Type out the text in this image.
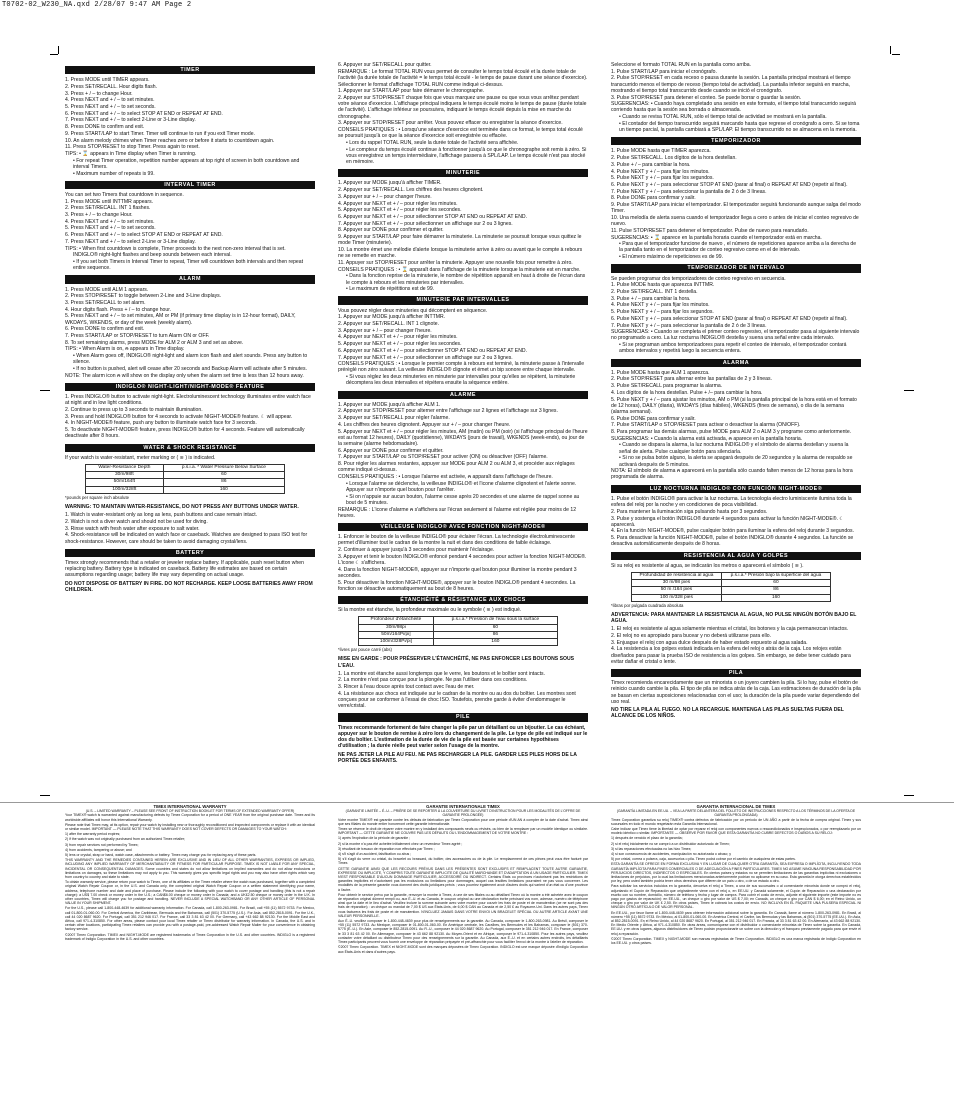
T0702-02_W230_NA.qxd 2/28/07 9:47 AM Page 2
TIMER
1. Press MODE until TIMER appears.
2. Press SET/RECALL. Hour digits flash.
3. Press + / – to change Hour.
4. Press NEXT and + / – to set minutes.
5. Press NEXT and + / – to set seconds.
6. Press NEXT and + / – to select STOP AT END or REPEAT AT END.
7. Press NEXT and + / – to select 2-Line or 3-Line display.
8. Press DONE to confirm and exit.
9. Press START/LAP to start Timer. Timer will continue to run if you exit Timer mode.
10. An alarm melody chimes when Timer reaches zero or before it starts to countdown again.
11. Press STOP/RESET to stop Timer. Press again to reset.
TIPS: • ⌛ appears in Time display when Timer is running.
• For repeat Timer operation, repetition number appears at top right of screen in both countdown and interval Timers.
• Maximum number of repeats is 99.
INTERVAL TIMER
You can set two Timers that countdown in sequence.
1. Press MODE until INTTMR appears.
2. Press SET/RECALL. INT 1 flashes.
3. Press + / – to change Hour.
4. Press NEXT and + / – to set minutes.
5. Press NEXT and + / – to set seconds.
6. Press NEXT and + / – to select STOP AT END or REPEAT AT END.
7. Press NEXT and + / – to select 2-Line or 3-Line display.
TIPS: • When first countdown is complete, Timer proceeds to the next non-zero interval that is set.
INDIGLO® night-light flashes and beep sounds between each interval.
• If you set both Timers in Interval Timer to repeat, Timer will countdown both intervals and then repeat entire sequence.
ALARM
1. Press MODE until ALM 1 appears.
2. Press STOP/RESET to toggle between 2-Line and 3-Line displays.
3. Press SET/RECALL to set alarm.
4. Hour digits flash. Press + / – to change hour.
5. Press NEXT and + / – to set minutes, AM or PM (if primary time display is in 12-hour format), DAILY, WKDAYS, WKENDS, or day of the week (weekly alarm).
6. Press DONE to confirm and exit.
7. Press START/LAP or STOP/RESET to turn Alarm ON or OFF.
8. To set remaining alarms, press MODE for ALM 2 or ALM 3 and set as above.
TIPS: • When Alarm is on, ⍾ appears in Time display.
• When Alarm goes off, INDIGLO® night-light and alarm icon flash and alert sounds. Press any button to silence.
• If no button is pushed, alert will cease after 20 seconds and Backup Alarm will activate after 5 minutes.
NOTE: The alarm icon ⍾ will show on the display only when the alarm set time is less than 12 hours away.
INDIGLO® NIGHT-LIGHT/NIGHT-MODE® FEATURE
1. Press INDIGLO® button to activate night-light. Electroluminescent technology illuminates entire watch face at night and in low light conditions.
2. Continue to press up to 3 seconds to maintain illumination.
3. Press and hold INDIGLO® button for 4 seconds to activate NIGHT-MODE® feature. ☾ will appear.
4. In NIGHT-MODE® feature, push any button to illuminate watch face for 3 seconds.
5. To deactivate NIGHT-MODE® feature, press INDIGLO® button for 4 seconds. Feature will automatically deactivate after 8 hours.
WATER & SHOCK RESISTANCE
If your watch is water-resistant, meter marking or ( ≋ ) is indicated.
Water-Resistance Depth	p.s.i.a. * Water Pressure Below Surface
30m/98ft	60
50m/164ft	86
100m/328ft	160
*pounds per square inch absolute
WARNING: TO MAINTAIN WATER-RESISTANCE, DO NOT PRESS ANY BUTTONS UNDER WATER.
1. Watch is water-resistant only as long as lens, push buttons and case remain intact.
2. Watch is not a diver watch and should not be used for diving.
3. Rinse watch with fresh water after exposure to salt water.
4. Shock-resistance will be indicated on watch face or caseback. Watches are designed to pass ISO test for shock-resistance. However, care should be taken to avoid damaging crystal/lens.
BATTERY
Timex strongly recommends that a retailer or jeweler replace battery. If applicable, push reset button when replacing battery. Battery type is indicated on caseback. Battery life estimates are based on certain assumptions regarding usage; battery life may vary depending on actual usage.
DO NOT DISPOSE OF BATTERY IN FIRE. DO NOT RECHARGE. KEEP LOOSE BATTERIES AWAY FROM CHILDREN.
6. Appuyer sur SET/RECALL pour quitter.
REMARQUE : Le format TOTAL RUN vous permet de consulter le temps total écoulé et la durée totale de l'activité (la durée totale de l'activité = le temps total écoulé - le temps de pause durant une séance d'exercice).
Sélectionner le format d'affichage TOTAL RUN comme indiqué ci-dessus.
1. Appuyer sur START/LAP pour faire démarrer le chronographe.
2. Appuyer sur STOP/RESET chaque fois que vous marquez une pause ou que vous vous arrêtez pendant votre séance d'exercice. L'affichage principal indiquera le temps écoulé moins le temps de pause (durée totale de l'activité). L'affichage inférieur se poursuivra, indiquant le temps écoulé depuis la mise en marche du chronographe.
3. Appuyer sur STOP/RESET pour arrêter. Vous pouvez effacer ou enregistrer la séance d'exercice.
CONSEILS PRATIQUES : • Lorsqu'une séance d'exercice est terminée dans ce format, le temps total écoulé se poursuit jusqu'à ce que la séance d'exercice soit enregistrée ou effacée.
• Lors du rappel TOTAL RUN, seule la durée totale de l'activité sera affichée.
• Le compteur du temps écoulé continue à fonctionner jusqu'à ce que le chronographe soit remis à zéro. Si vous enregistrez un temps intermédiaire, l'affichage passera à SPL/LAP. Le temps écoulé n'est pas stocké en mémoire.
MINUTERIE
1. Appuyer sur MODE jusqu'à afficher TIMER.
2. Appuyer sur SET/RECALL. Les chiffres des heures clignotent.
3. Appuyer sur + / – pour changer l'heure.
4. Appuyer sur NEXT et + / – pour régler les minutes.
5. Appuyer sur NEXT et + / – pour régler les secondes.
6. Appuyer sur NEXT et + / – pour sélectionner STOP AT END ou REPEAT AT END.
7. Appuyer sur NEXT et + / – pour sélectionner un affichage sur 2 ou 3 lignes.
8. Appuyer sur DONE pour confirmer et quitter.
9. Appuyer sur START/LAP pour faire démarrer la minuterie. La minuterie se poursuit lorsque vous quittez le mode Timer (minuterie).
10. La montre émet une mélodie d'alerte lorsque la minuterie arrive à zéro ou avant que le compte à rebours ne se remette en marche.
11. Appuyer sur STOP/RESET pour arrêter la minuterie. Appuyer une nouvelle fois pour remettre à zéro.
CONSEILS PRATIQUES : • ⌛ apparaît dans l'affichage de la minuterie lorsque la minuterie est en marche.
• Dans la fonction reprise de la minuterie, le nombre de répétition apparaît en haut à droite de l'écran dans le compte à rebours et les minuteries par intervalles.
• Le maximum de répétitions est de 99.
MINUTERIE PAR INTERVALLES
Vous pouvez régler deux minuteries qui décomptent en séquence.
1. Appuyer sur MODE jusqu'à afficher INTTMR.
2. Appuyer sur SET/RECALL. INT 1 clignote.
3. Appuyer sur + / – pour changer l'heure.
4. Appuyer sur NEXT et + / – pour régler les minutes.
5. Appuyer sur NEXT et + / – pour régler les secondes.
6. Appuyer sur NEXT et + / – pour sélectionner STOP AT END ou REPEAT AT END.
7. Appuyer sur NEXT et + / – pour sélectionner un affichage sur 2 ou 3 lignes.
CONSEILS PRATIQUES : • Lorsque le premier compte à rebours est terminé, la minuterie passe à l'intervalle prérèglé non zéro suivant. La veilleuse INDIGLO® clignote et émet un bip sonore entre chaque intervalle.
• Si vous réglez les deux minuteries en minuterie par intervalles pour qu'elles se répètent, la minuterie décomptera les deux intervalles et répétera ensuite la séquence entière.
ALARME
1. Appuyer sur MODE jusqu'à afficher ALM 1.
2. Appuyer sur STOP/RESET pour alterner entre l'affichage sur 2 lignes et l'affichage sur 3 lignes.
3. Appuyer sur SET/RECALL pour régler l'alarme.
4. Les chiffres des heures clignotent. Appuyer sur + / – pour changer l'heure.
5. Appuyer sur NEXT et + / – pour régler les minutes, AM (matin) ou PM (soir) (si l'affichage principal de l'heure est au format 12 heures), DAILY (quotidienne), WKDAYS (jours de travail), WKENDS (week-ends), ou jour de la semaine (alarme hebdomadaire).
6. Appuyer sur DONE pour confirmer et quitter.
7. Appuyer sur START/LAP ou STOP/RESET pour activer (ON) ou désactiver (OFF) l'alarme.
8. Pour régler les alarmes restantes, appuyer sur MODE pour ALM 2 ou ALM 3, et procéder aux réglages comme indiqué ci-dessus.
CONSEILS PRATIQUES : • Lorsque l'alarme est activée, ⍾ apparaît dans l'affichage de l'heure.
• Lorsque l'alarme se déclenche, la veilleuse INDIGLO® et l'icone d'alarme clignotent et l'alerte sonne. Appuyer sur n'importe quel bouton pour l'arrêter.
• Si on n'appuie sur aucun bouton, l'alarme cesse après 20 secondes et une alarme de rappel sonne au bout de 5 minutes.
REMARQUE : L'icone d'alarme ⍾ s'affichera sur l'écran seulement si l'alarme est réglée pour moins de 12 heures.
VEILLEUSE INDIGLO® AVEC FONCTION NIGHT-MODE®
1. Enfoncer le bouton de la veilleuse INDIGLO® pour éclairer l'écran. La technologie électroluminescente permet d'illuminer tout le cadran de la montre la nuit et dans des conditions de faible éclairage.
2. Continuer à appuyer jusqu'à 3 secondes pour maintenir l'éclairage.
3. Appuyer et tenir le bouton INDIGLO® enfoncé pendant 4 secondes pour activer la fonction NIGHT-MODE®. L'icone ☾ s'affichera.
4. Dans la fonction NIGHT-MODE®, appuyer sur n'importe quel bouton pour illuminer la montre pendant 3 secondes.
5. Pour désactiver la fonction NIGHT-MODE®, appuyer sur le bouton INDIGLO® pendant 4 secondes. La fonction se désactive automatiquement au bout de 8 heures.
ÉTANCHÉITÉ & RÉSISTANCE AUX CHOCS
Si la montre est étanche, la profondeur maximale ou le symbole ( ≋ ) est indiqué.
Profondeur d'étanchéité	p.s.i.a.* Pression de l'eau sous la surface
30m/98pi	60
50m/164Pi/pi]	86
100m/328Pi/pi]	160
*livres par pouce carré (abs)
MISE EN GARDE : POUR PRÉSERVER L'ÉTANCHÉITÉ, NE PAS ENFONCER LES BOUTONS SOUS L'EAU.
1. La montre est étanche aussi longtemps que le verre, les boutons et le boîtier sont intacts.
2. La montre n'est pas conçue pour la plongée. Ne pas l'utiliser dans ces conditions.
3. Rincer à l'eau douce après tout contact avec l'eau de mer.
4. La résistance aux chocs est indiquée sur le cadran de la montre ou au dos du boîtier. Les montres sont conçues pour se conformer à l'essai de choc ISO. Toutefois, prendre garde à éviter d'endommager le verre/cristal.
PILE
Timex recommande fortement de faire changer la pile par un détaillant ou un bijoutier. Le cas échéant, appuyer sur le bouton de remise à zéro lors du changement de la pile. Le type de pile est indiqué sur le dos du boîtier. L'estimation de la durée de vie de la pile est basée sur certaines hypothèses d'utilisation ; la durée réelle peut varier selon l'usage de la montre.
NE PAS JETER LA PILE AU FEU. NE PAS RECHARGER LA PILE. GARDER LES PILES HORS DE LA PORTÉE DES ENFANTS.
Seleccione el formato TOTAL RUN en la pantalla como arriba.
1. Pulse START/LAP para iniciar el cronógrafo.
2. Pulse STOP/RESET en cada receso o pausa durante la sesión. La pantalla principal mostrará el tiempo transcurrido menos el tiempo de receso (tiempo total de actividad). La pantalla inferior seguirá en marcha, mostrando el tiempo total transcurrido desde cuando se inició el cronógrafo.
3. Pulse STOP/RESET para detener el conteo. Se puede borrar o guardar la sesión.
SUGERENCIAS: • Cuando haya completado una sesión en este formato, el tiempo total transcurrido seguirá corriendo hasta que la sesión sea borrada o almacenada.
• Cuando se revisa TOTAL RUN, sólo el tiempo total de actividad se mostrará en la pantalla.
• El contador del tiempo transcurrido seguirá marcando hasta que regrese el cronógrafo a cero. Si se toma un tiempo parcial, la pantalla cambiará a SPL/LAP. El tiempo transcurrido no se almacena en la memoria.
TEMPORIZADOR
1. Pulse MODE hasta que TIMER aparezca.
2. Pulse SET/RECALL. Los dígitos de la hora destellan.
3. Pulse + / – para cambiar la hora.
4. Pulse NEXT y + / – para fijar los minutos.
5. Pulse NEXT y + / – para fijar los segundos.
6. Pulse NEXT y + / – para seleccionar STOP AT END (parar al final) o REPEAT AT END (repetir al final).
7. Pulse NEXT y + / – para seleccionar la pantalla de 2 ó de 3 líneas.
8. Pulse DONE para confirmar y salir.
9. Pulse START/LAP para iniciar el temporizador. El temporizador seguirá funcionando aunque salga del modo Timer.
10. Una melodía de alerta suena cuando el temporizador llega a cero o antes de iniciar el conteo regresivo de nuevo.
11. Pulse STOP/RESET para detener el temporizador. Pulse de nuevo para reanudarlo.
SUGERENCIAS: • ⌛ aparece en la pantalla horaria cuando el temporizador está en marcha.
• Para que el temporizador funcione de nuevo , el número de repeticiones aparece arriba a la derecha de la pantalla tanto en el temporizador de conteo regresivo como en el de intervalo.
• El número máximo de repeticiones es de 99.
TEMPORIZADOR DE INTERVALO
Se pueden programar dos temporizadores de conteo regresivo en secuencia.
1. Pulse MODE hasta que aparezca INTTMR.
2. Pulse SET/RECALL. INT 1 destella.
3. Pulse + / – para cambiar la hora.
4. Pulse NEXT y + / – para fijar los minutos.
5. Pulse NEXT y + / – para fijar los segundos.
6. Pulse NEXT y + / – para seleccionar STOP AT END (parar al final) o REPEAT AT END (repetir al final).
7. Pulse NEXT y + / – para seleccionar la pantalla de 2 ó de 3 líneas.
SUGERENCIAS: • Cuando se completa el primer conteo regresivo, el temporizador pasa al siguiente intervalo no programado a cero. La luz nocturna INDIGLO® destella y suena una señal entre cada intervalo.
• Si se programan ambos temporizadores para repetir el conteo de intervalo, el temporizador contará ambos intervalos y repetirá luego la secuencia entera.
ALARMA
1. Pulse MODE hasta que ALM 1 aparezca.
2. Pulse STOP/RESET para alternar entre las pantallas de 2 y 3 líneas.
3. Pulse SET/RECALL para programar la alarma.
4. Los dígitos de la hora destellan. Pulse + /– para cambiar la hora.
5. Pulse NEXT y + / – para ajustar los minutos, AM o PM (si la pantalla principal de la hora está en el formato de 12 horas), DAILY (diaria), WKDAYS (días hábiles), WKENDS (fines de semana), o día de la semana (alarma semanal).
6. Pulse DONE para confirmar y salir.
7. Pulse START/LAP o STOP/RESET para activar o desactivar la alarma (ON/OFF).
8. Para programar las demás alarmas, pulse MODE para ALM 2 o ALM 3 y programe como anteriormente.
SUGERENCIAS: • Cuando la alarma está activada, ⍾ aparece en la pantalla horaria.
• Cuando se dispara la alarma, la luz nocturna INDIGLO® y el símbolo de alarma destellan y suena la señal de alerta. Pulse cualquier botón para silenciarla.
• Si no se pulsa botón alguno, la alerta se apagará después de 20 segundos y la alarma de respaldo se activará después de 5 minutos.
NOTA: El símbolo de alarma ⍾ aparecerá en la pantalla sólo cuando falten menos de 12 horas para la hora programada de alarma.
LUZ NOCTURNA INDIGLO® CON FUNCIÓN NIGHT-MODE®
1. Pulse el botón INDIGLO® para activar la luz nocturna. La tecnología electro luminiscente ilumina toda la esfera del reloj por la noche y en condiciones de poca visibilidad.
2. Para mantener la iluminación siga pulsando hasta por 3 segundos.
3. Pulse y sostenga el botón INDIGLO® durante 4 segundos para activar la función NIGHT-MODE®. ☾ aparecerá.
4. En la función NIGHT-MODE®, pulse cualquier botón para iluminar la esfera del reloj durante 3 segundos.
5. Para desactivar la función NIGHT-MODE®, pulse el botón INDIGLO® durante 4 segundos. La función se desactiva automáticamente después de 8 horas.
RESISTENCIA AL AGUA Y GOLPES
Si su reloj es resistente al agua, se indicarán los metros o aparecerá el símbolo ( ≋ ).
Profundidad de resistencia al agua	p.s.i.a.* Presión bajo la superficie del agua
30 m/98 pies	60
50 m /164 pies	86
100 m/328 pies	160
*libras por pulgada cuadrada absoluta
ADVERTENCIA: PARA MANTENER LA RESISTENCIA AL AGUA, NO PULSE NINGÚN BOTÓN BAJO EL AGUA.
1. El reloj es resistente al agua solamente mientras el cristal, los botones y la caja permanezcan intactos.
2. El reloj no es apropiado para bucear y no deberá utilizarse para ello.
3. Enjuague el reloj con agua dulce después de haber estado expuesto al agua salada.
4. La resistencia a los golpes estará indicada en la esfera del reloj o atrás de la caja. Los relojes están diseñados para pasar la prueba ISO de resistencia a los golpes. Sin embargo, se debe tener cuidado para evitar dañar el cristal o lente.
PILA
Timex recomienda encarecidamente que un minorista o un joyero cambien la pila. Si lo hay, pulse el botón de reinicio cuando cambie la pila. El tipo de pila se indica atrás de la caja. Las estimaciones de duración de la pila se basan en ciertas suposiciones relacionadas con el uso; la duración de la pila puede variar dependiendo del uso real.
NO TIRE LA PILA AL FUEGO. NO LA RECARGUE. MANTENGA LAS PILAS SUELTAS FUERA DEL ALCANCE DE LOS NIÑOS.
TIMEX INTERNATIONAL WARRANTY
(U.S. – LIMITED WARRANTY – PLEASE SEE FRONT OF INSTRUCTION BOOKLET FOR TERMS OF EXTENDED WARRANTY OFFER)

Your TIMEX® watch is warranted against manufacturing defects by Timex Corporation for a period of ONE YEAR from the original purchase date. Timex and its worldwide affiliates will honor this International Warranty.

Please note that Timex may, at its option, repair your watch by installing new or thoroughly reconditioned and inspected components or replace it with an identical or similar model. IMPORTANT — PLEASE NOTE THAT THIS WARRANTY DOES NOT COVER DEFECTS OR DAMAGES TO YOUR WATCH:

1) after the warranty period expires;

2) if the watch was not originally purchased from an authorized Timex retailer;

3) from repair services not performed by Timex;

4) from accidents, tampering or abuse; and

5) lens or crystal, strap or band, watch case, attachments or battery. Timex may charge you for replacing any of these parts.

THIS WARRANTY AND THE REMEDIES CONTAINED HEREIN ARE EXCLUSIVE AND IN LIEU OF ALL OTHER WARRANTIES, EXPRESS OR IMPLIED, INCLUDING ANY IMPLIED WARRANTY OF MERCHANTABILITY OR FITNESS FOR PARTICULAR PURPOSE. TIMEX IS NOT LIABLE FOR ANY SPECIAL, INCIDENTAL OR CONSEQUENTIAL DAMAGES. Some countries and states do not allow limitations on implied warranties and do not allow exclusions or limitations on damages, so these limitations may not apply to you. This warranty gives you specific legal rights and you may also have other rights which vary from country to country and state to state.

To obtain warranty service, please return your watch to Timex, one of its affiliates or the Timex retailer where the watch was purchased, together with a completed original Watch Repair Coupon or, in the U.S. and Canada only, the completed original Watch Repair Coupon or a written statement identifying your name, address, telephone number and date and place of purchase. Please include the following with your watch to cover postage and handling (this is not a repair charge): a US$ 7.00 check or money order in the U.S.; a CAN$6.00 cheque or money order in Canada; and a UK£2.50 cheque or money order in the U.K. In other countries, Timex will charge you for postage and handling. NEVER INCLUDE A SPECIAL WATCHBAND OR ANY OTHER ARTICLE OF PERSONAL VALUE IN YOUR SHIPMENT.

For the U.S., please call 1-800-448-4639 for additional warranty information. For Canada, call 1-800-263-0981. For Brazil, call +55 (11) 5572 9733. For Mexico, call 01-800-01-060-00. For Central America, the Caribbean, Bermuda and the Bahamas, call (501) 370-5775 (U.S.). For Asia, call 852-2815-0091. For the U.K., call 44 020 8687 9620. For Portugal, call 351 212 946 017. For France, call 33 3 81 63 42 00. For Germany, call +43 662 88 92130. For the Middle East and Africa, call 971-4-310850. For other areas, please contact your local Timex retailer or Timex distributor for warranty information. In Canada, the U.S. and in certain other locations, participating Timex retailers can provide you with a postage-paid, pre-addressed Watch Repair Mailer for your convenience in obtaining factory service.

©2007 Timex Corporation. TIMEX and NIGHT-MODE are registered trademarks of Timex Corporation in the U.S. and other countries. INDIGLO is a registered trademark of Indiglo Corporation in the U.S. and other countries.

GARANTIE INTERNATIONALE TIMEX
(GARANTIE LIMITÉE – É.-U. – PRIÈRE DE SE REPORTER À LA COUVERTURE DU LIVRET D'INSTRUCTION POUR LES MODALITÉS DE L'OFFRE DE GARANTIE PROLONGÉE)

Votre montre TIMEX® est garantie contre les défauts de fabrication par Timex Corporation pour une période d'UN AN à compter de la date d'achat. Timex ainsi que ses filiales du monde entier honoreront cette garantie internationale.

Timex se réserve le droit de réparer votre montre en y installant des composants neufs ou révisés, ou bien de la remplacer par un modèle identique ou similaire. IMPORTANT — CETTE GARANTIE NE COUVRE PAS LES DÉFAUTS OU L'ENDOMMAGEMENT DE VOTRE MONTRE :

1) après l'expiration de la période de garantie ;

2) si la montre n'a pas été achetée initialement chez un revendeur Timex agréé ;

3) résultant de travaux de réparation non effectués par Timex ;

4) s'il s'agit d'un accident, falsification ou abus ;

5) s'il s'agit du verre ou cristal, du bracelet ou brassard, du boîtier, des accessoires ou de la pile. Le remplacement de ces pièces peut vous être facturé par Timex.

CETTE GARANTIE AINSI QUE LES RECOURS PRÉVUS DANS LES PRÉSENTES SONT EXCLUSIFS ET REMPLACENT TOUTE AUTRE GARANTIE, EXPRESSE OU IMPLICITE, Y COMPRIS TOUTE GARANTIE IMPLICITE DE QUALITÉ MARCHANDE ET D'ADAPTATION À UN USAGE PARTICULIER. TIMEX N'EST RESPONSABLE D'AUCUN DOMMAGE PARTICULIER, ACCESSOIRE OU INDIRECT. Certains États ou provinces n'autorisent pas les restrictions de garanties implicites et n'autorisent pas les exclusions ou limitations pour dommages, auquel cas lesdites limitations pourraient ne pas vous concerner. Les modalités de la présente garantie vous donnent des droits juridiques précis ; vous pourriez également avoir d'autres droits qui varient d'un état ou d'une province à l'autre.

Pour obtenir le service prévu par la garantie, renvoyer la montre à Timex, à une de ses filiales ou au détaillant Timex où la montre a été achetée avec le coupon de réparation original dûment rempli ou, aux É.-U. et au Canada, le coupon original ou une déclaration écrite précisant vos nom, adresse, numéro de téléphone ainsi que la date et le lieu d'achat. Veuillez inclure la somme suivante avec votre montre pour couvrir les frais de poste et de manutention (ce ne sont pas des frais de réparation) : un chèque ou mandat de 7,00 $ US aux États-Unis, de 6,00 $ CAN au Canada et de 2,50 £ au Royaume-Uni. Dans les autres pays, Timex vous facturera les frais de poste et de manutention. N'INCLUEZ JAMAIS DANS VOTRE ENVOI UN BRACELET SPÉCIAL OU AUTRE ARTICLE AYANT UNE VALEUR PERSONNELLE.

Aux É.-U. veuillez composer le 1-800-448-4639 pour plus de renseignements sur la garantie. Au Canada, composer le 1-800-263-0981. Au Brésil, composer le +55 (11) 5572 9733. Au Mexique, composer le 01-800-01-060-00. En Amérique centrale, les Caraïbes, les Bermudes et les Bahamas, composer le (501) 370-5775 (É.-U.). En Asie, composer le 852-2815-0091. Au R.-U., composer le 44 020 8687 9620. Au Portugal, composer le 351 212 946 017. En France, composer le 33 3 81 63 42 00. En Allemagne, composer le 43 662 88 92130. Au Moyen-Orient et en Afrique, composer le 971-4-310850. Pour les autres pays, veuillez contacter votre détaillant ou distributeur Timex pour des renseignements sur la garantie. Au Canada, aux É.-U. et en certains autres endroits, les détaillants Timex participants peuvent vous fournir une enveloppe de réparation prépayée et pré-affranchie pour vous faciliter l'envoi de la montre à l'atelier de réparation.

©2007 Timex Corporation. TIMEX et NIGHT-MODE sont des marques déposées de Timex Corporation. INDIGLO est une marque déposée d'Indiglo Corporation aux États-Unis et dans d'autres pays.

GARANTÍA INTERNACIONAL DE TIMEX
(GARANTÍA LIMITADA EN EE.UU. – VEA LA PARTE DELANTERA DEL FOLLETO DE INSTRUCCIONES RESPECTO A LOS TÉRMINOS DE LA OFERTA DE GARANTÍA PROLONGADA)

Timex Corporation garantiza su reloj TIMEX® contra defectos de fabricación por un período de UN AÑO a partir de la fecha de compra original. Timex y sus sucursales en todo el mundo respetarán esta Garantía Internacional.

Cabe indicar que Timex tiene la libertad de optar por reparar el reloj con componentes nuevos o reacondicionados e inspeccionados, o por reemplazarlo por un modelo idéntico o similar. IMPORTANTE — OBSERVE POR FAVOR QUE ESTA GARANTÍA NO CUBRE DEFECTOS O DAÑOS A SU RELOJ:

1) después de vencido el plazo de la garantía;

2) si el reloj inicialmente no se compró a un distribuidor autorizado de Timex;

3) si las reparaciones efectuadas no las hizo Timex;

4) si son consecuencia de accidentes, manipulación no autorizada o abuso; y

5) por cristal, correa o pulsera, caja, accesorios o pila. Timex podrá cobrar por el cambio de cualquiera de estas partes.

ESTA GARANTÍA SE OFRECE EN FORMA EXCLUSIVA Y EN LUGAR DE CUALQUIER OTRA GARANTÍA, SEA EXPRESA O IMPLÍCITA, INCLUYENDO TODA GARANTÍA IMPLÍCITA PARA FINES COMERCIALES O DE ADECUACIÓN A FINES PARTICULARES. TIMEX NO ASUME NINGUNA RESPONSABILIDAD POR PERJUICIOS DIRECTOS, INDIRECTOS O ESPECIALES. En ciertos países y estados no se permiten limitaciones de las garantías implícitas ni exclusiones o limitaciones de perjuicios, por lo cual las limitaciones mencionadas anteriormente podrían no aplicarse en su caso. Esta garantía le otorga derechos establecidos por ley, pero usted también podría tener otros derechos que difieren de un país u otro, o de un estado a otro.

Para solicitar los servicios incluidos en la garantía, devuelva el reloj a Timex, a una de sus sucursales o al comerciante minorista donde se compró el reloj, adjuntando el Cupón de Reparación que originalmente viene con el reloj o, en EE.UU. y Canadá solamente, el Cupón de Reparación o una declaración por escrito con su nombre, domicilio, número de teléfono y fecha y lugar de compra. Para cubrir el costo de envío, adjunte el siguiente importe (este importe no es pago por gastos de reparación): en EE.UU., un cheque o giro por valor de US $ 7,00; en Canadá, un cheque o giro por CAN $ 6,00; en el Reino Unido, un cheque o giro por valor de UK £ 2,50. En otros países, Timex le cobrará los costos de envío. NO INCLUYA EN EL PAQUETE UNA PULSERA ESPECIAL NI NINGÚN OTRO ARTÍCULO DE VALOR PERSONAL.

En EE.UU., por favor llame al 1-800-448-4639 para obtener información adicional sobre la garantía. En Canadá, llame al número 1-800-263-0981. En Brasil, al número +55 (11) 5572 9733. En México, al 01-800-01-060-00. En América Central, el Caribe, las Bermudas y las Bahamas, al (501) 370-5775 (EE.UU.). En Asia, al 852-2815-0091. En el Reino Unido, al 44 020 8687 9620. En Portugal, al 351 212 946 017. En Francia, al 33 3 81 63 42 00. En Alemania, al 43 662 88 92130. En Medio Oriente y África, al 971-4-310850. En otras áreas, comuníquese con el distribuidor o comerciante minorista de Timex sobre la garantía. En Canadá, EE.UU. y en otros lugares, algunos distribuidores de Timex podrán proporcionarle un sobre con la dirección y el franqueo previamente pagado para que envíe el reloj a reparación.

©2007 Timex Corporation. TIMEX y NIGHT-MODE son marcas registradas de Timex Corporation. INDIGLO es una marca registrada de Indiglo Corporation en los EE.UU. y otros países.
